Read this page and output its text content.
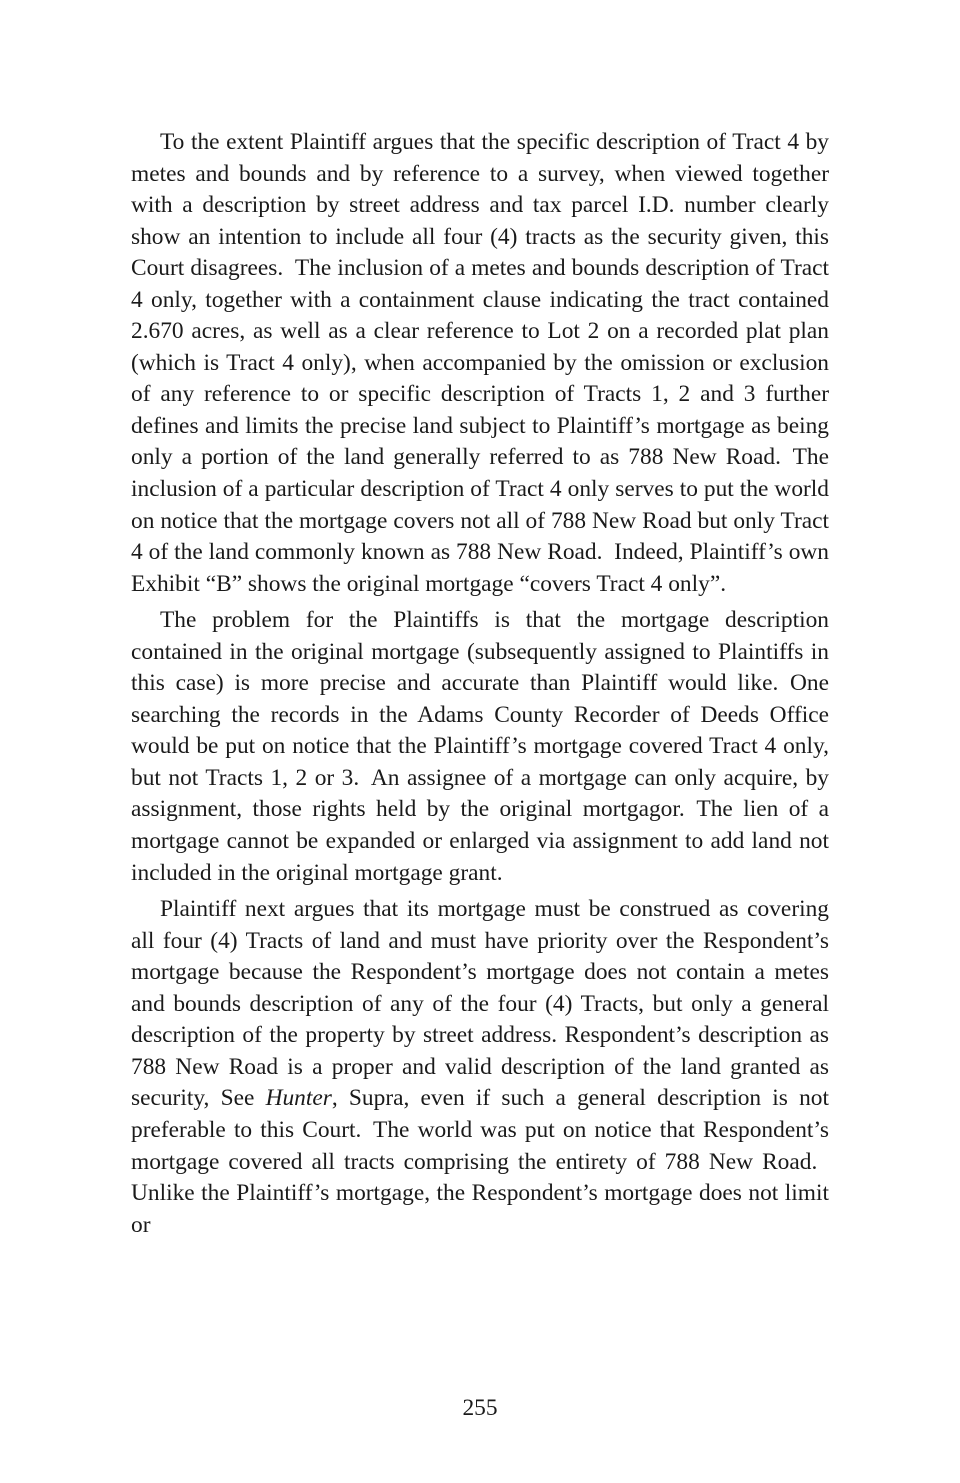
To the extent Plaintiff argues that the specific description of Tract 4 by metes and bounds and by reference to a survey, when viewed together with a description by street address and tax parcel I.D. number clearly show an intention to include all four (4) tracts as the security given, this Court disagrees. The inclusion of a metes and bounds description of Tract 4 only, together with a containment clause indicating the tract contained 2.670 acres, as well as a clear reference to Lot 2 on a recorded plat plan (which is Tract 4 only), when accompanied by the omission or exclusion of any reference to or specific description of Tracts 1, 2 and 3 further defines and limits the precise land subject to Plaintiff’s mortgage as being only a portion of the land generally referred to as 788 New Road. The inclusion of a particular description of Tract 4 only serves to put the world on notice that the mortgage covers not all of 788 New Road but only Tract 4 of the land commonly known as 788 New Road. Indeed, Plaintiff’s own Exhibit “B” shows the original mortgage “covers Tract 4 only”.

The problem for the Plaintiffs is that the mortgage description contained in the original mortgage (subsequently assigned to Plaintiffs in this case) is more precise and accurate than Plaintiff would like. One searching the records in the Adams County Recorder of Deeds Office would be put on notice that the Plaintiff’s mortgage covered Tract 4 only, but not Tracts 1, 2 or 3. An assignee of a mortgage can only acquire, by assignment, those rights held by the original mortgagor. The lien of a mortgage cannot be expanded or enlarged via assignment to add land not included in the original mortgage grant.

Plaintiff next argues that its mortgage must be construed as covering all four (4) Tracts of land and must have priority over the Respondent’s mortgage because the Respondent’s mortgage does not contain a metes and bounds description of any of the four (4) Tracts, but only a general description of the property by street address. Respondent’s description as 788 New Road is a proper and valid description of the land granted as security, See Hunter, Supra, even if such a general description is not preferable to this Court. The world was put on notice that Respondent’s mortgage covered all tracts comprising the entirety of 788 New Road. Unlike the Plaintiff’s mortgage, the Respondent’s mortgage does not limit or

255
